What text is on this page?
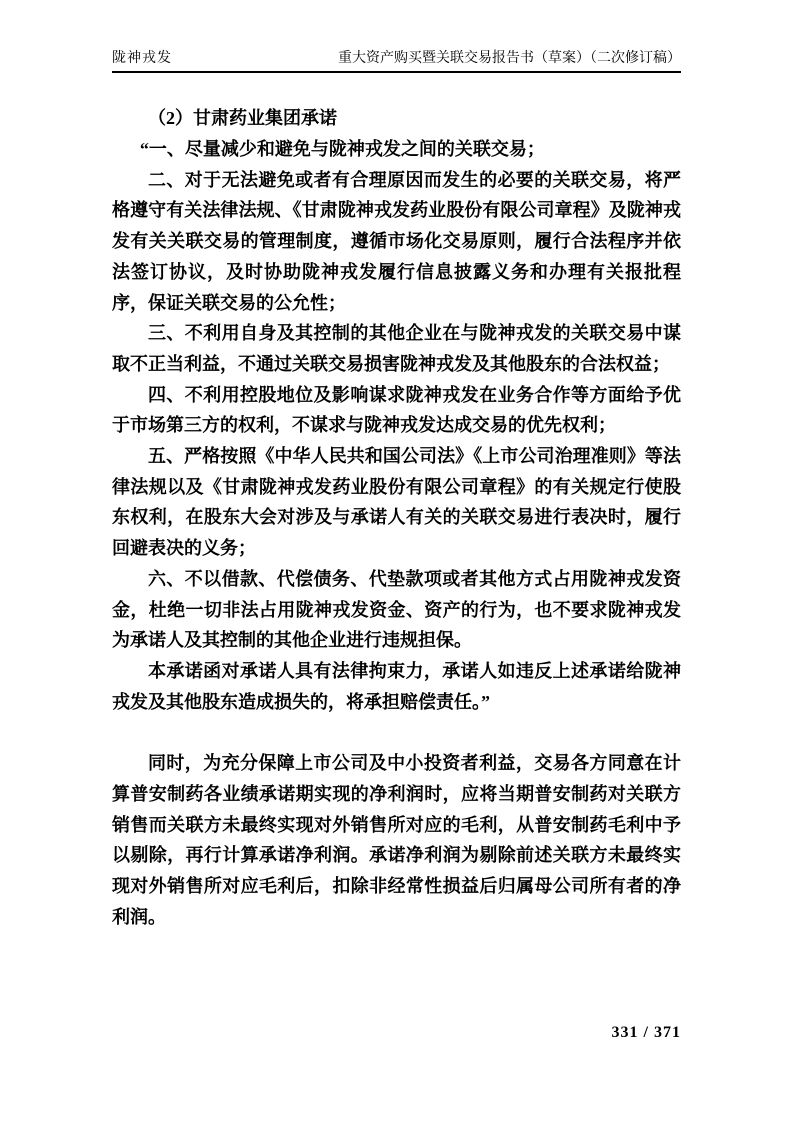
陇神戎发	重大资产购买暨关联交易报告书（草案）（二次修订稿）
（2）甘肃药业集团承诺

“一、尽量减少和避免与陇神戎发之间的关联交易；

二、对于无法避免或者有合理原因而发生的必要的关联交易，将严格遵守有关法律法规、《甘肃陇神戎发药业股份有限公司章程》及陇神戎发有关关联交易的管理制度，遵循市场化交易原则，履行合法程序并依法签订协议，及时协助陇神戎发履行信息披露义务和办理有关报批程序，保证关联交易的公允性；

三、不利用自身及其控制的其他企业在与陇神戎发的关联交易中谋取不正当利益，不通过关联交易损害陇神戎发及其他股东的合法权益；

四、不利用控股地位及影响谋求陇神戎发在业务合作等方面给予优于市场第三方的权利，不谋求与陇神戎发达成交易的优先权利；

五、严格按照《中华人民共和国公司法》《上市公司治理准则》等法律法规以及《甘肃陇神戎发药业股份有限公司章程》的有关规定行使股东权利，在股东大会对涉及与承诺人有关的关联交易进行表决时，履行回避表决的义务；

六、不以借款、代偿债务、代垫款项或者其他方式占用陇神戎发资金，杜绝一切非法占用陇神戎发资金、资产的行为，也不要求陇神戎发为承诺人及其控制的其他企业进行违规担保。

本承诺函对承诺人具有法律拘束力，承诺人如违反上述承诺给陇神戎发及其他股东造成损失的，将承担赔偿责任。”

同时，为充分保障上市公司及中小投资者利益，交易各方同意在计算普安制药各业绩承诺期实现的净利润时，应将当期普安制药对关联方销售而关联方未最终实现对外销售所对应的毛利，从普安制药毛利中予以剔除，再行计算承诺净利润。承诺净利润为剔除前述关联方未最终实现对外销售所对应毛利后，扣除非经常性损益后归属母公司所有者的净利润。

331 / 371
